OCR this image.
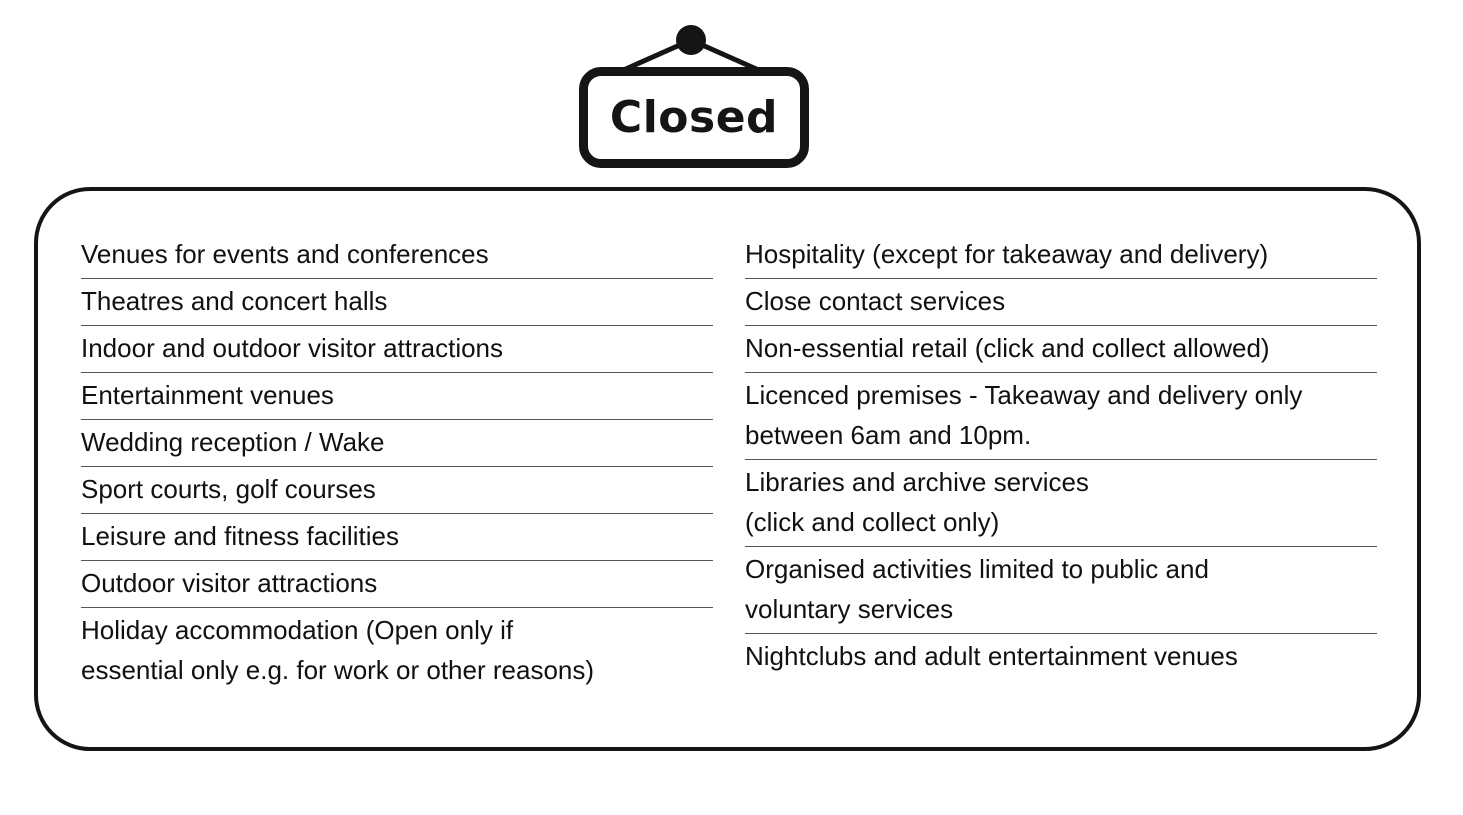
Closed
Venues for events and conferences
Theatres and concert halls
Indoor and outdoor visitor attractions
Entertainment venues
Wedding reception / Wake
Sport courts, golf courses
Leisure and fitness facilities
Outdoor visitor attractions
Holiday accommodation (Open only if
essential only e.g. for work or other reasons)
Hospitality (except for takeaway and delivery)
Close contact services
Non-essential retail (click and collect allowed)
Licenced premises - Takeaway and delivery only
between 6am and 10pm.
Libraries and archive services
(click and collect only)
Organised activities limited to public and
voluntary services
Nightclubs and adult entertainment venues
